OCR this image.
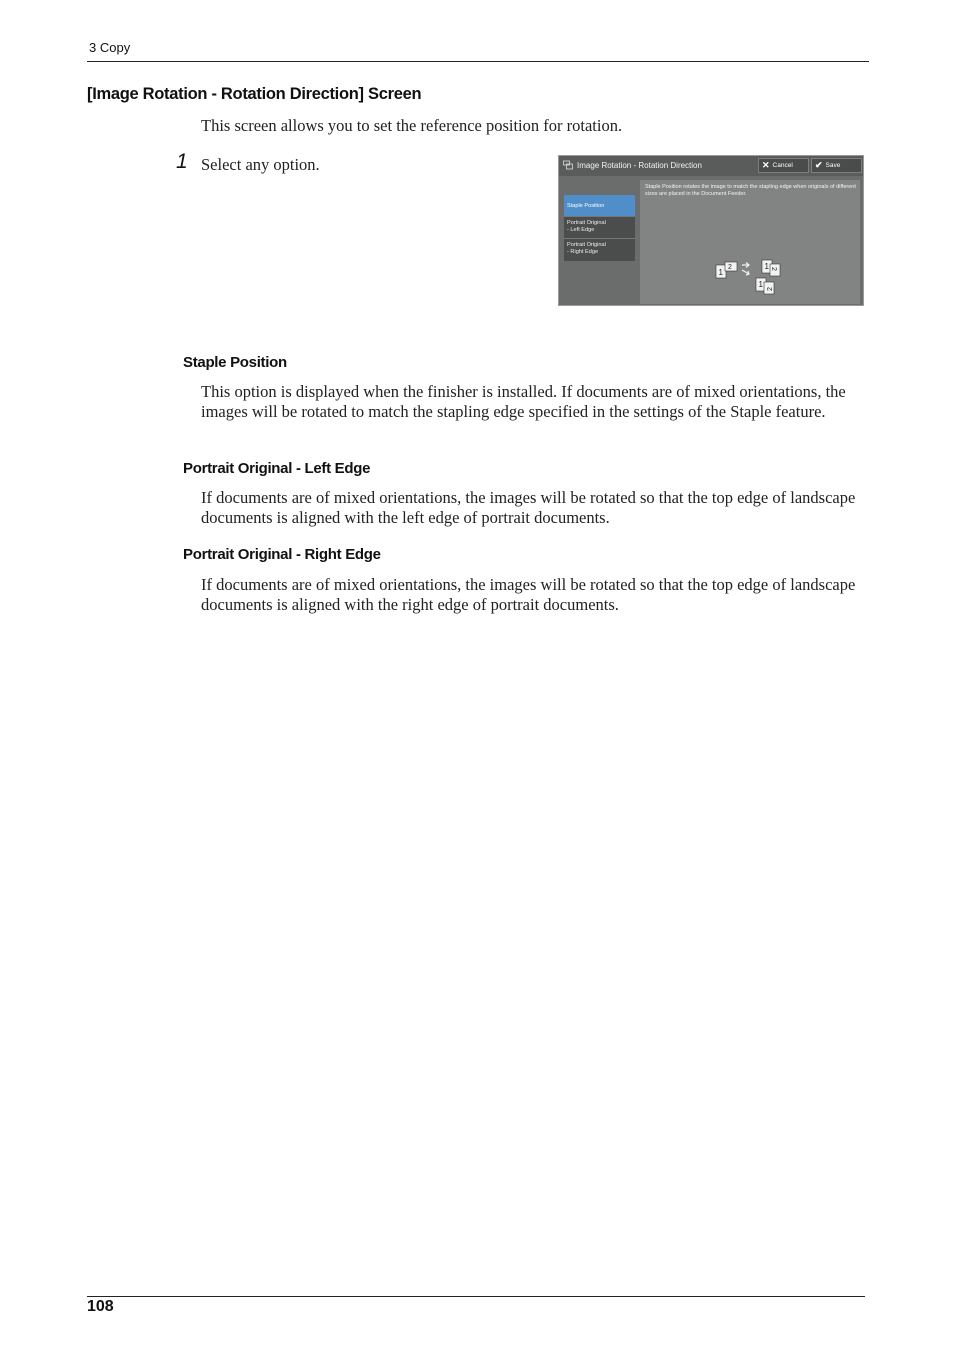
3 Copy
[Image Rotation - Rotation Direction] Screen
This screen allows you to set the reference position for rotation.
1 Select any option.	Image Rotation - Rotation Direction	✕ Cancel ✔ Save
Staple Position
Portrait Original
- Left Edge
Portrait Original
- Right Edge
Staple Position rotates the image to match the stapling edge when originals of different sizes are placed in the Document Feeder.
1
2	1 2
1
2
Staple Position
This option is displayed when the finisher is installed. If documents are of mixed orientations, the images will be rotated to match the stapling edge specified in the settings of the Staple feature.
Portrait Original - Left Edge
If documents are of mixed orientations, the images will be rotated so that the top edge of landscape documents is aligned with the left edge of portrait documents.
Portrait Original - Right Edge
If documents are of mixed orientations, the images will be rotated so that the top edge of landscape documents is aligned with the right edge of portrait documents.
108
